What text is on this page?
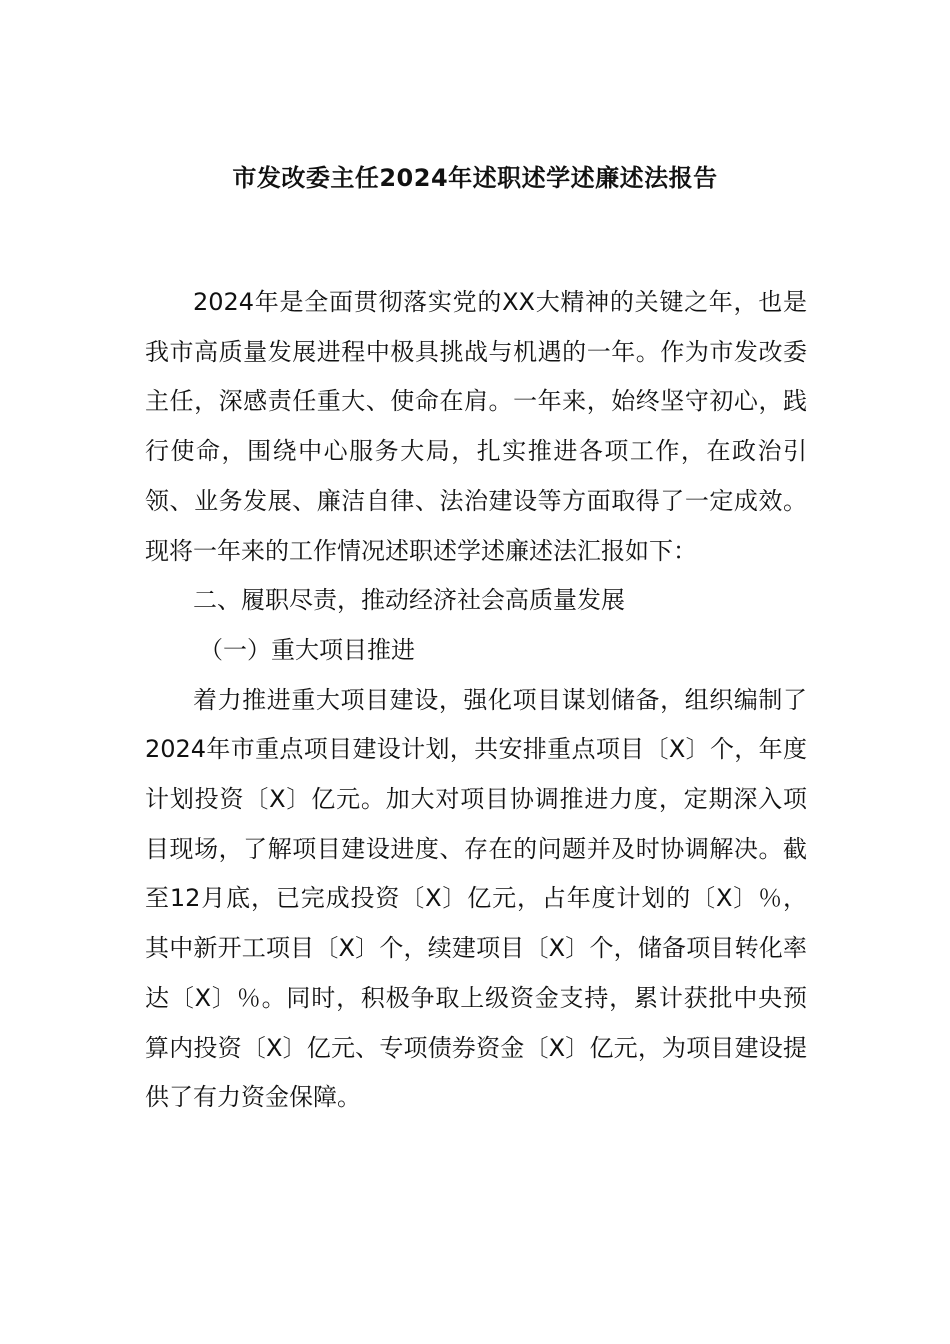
市发改委主任2024年述职述学述廉述法报告

2024年是全面贯彻落实党的XX大精神的关键之年，也是我市高质量发展进程中极具挑战与机遇的一年。作为市发改委主任，深感责任重大、使命在肩。一年来，始终坚守初心，践行使命，围绕中心服务大局，扎实推进各项工作，在政治引领、业务发展、廉洁自律、法治建设等方面取得了一定成效。现将一年来的工作情况述职述学述廉述法汇报如下：

二、履职尽责，推动经济社会高质量发展

（一）重大项目推进

着力推进重大项目建设，强化项目谋划储备，组织编制了2024年市重点项目建设计划，共安排重点项目〔X〕个，年度计划投资〔X〕亿元。加大对项目协调推进力度，定期深入项目现场，了解项目建设进度、存在的问题并及时协调解决。截至12月底，已完成投资〔X〕亿元，占年度计划的〔X〕％，其中新开工项目〔X〕个，续建项目〔X〕个，储备项目转化率达〔X〕％。同时，积极争取上级资金支持，累计获批中央预算内投资〔X〕亿元、专项债券资金〔X〕亿元，为项目建设提供了有力资金保障。
